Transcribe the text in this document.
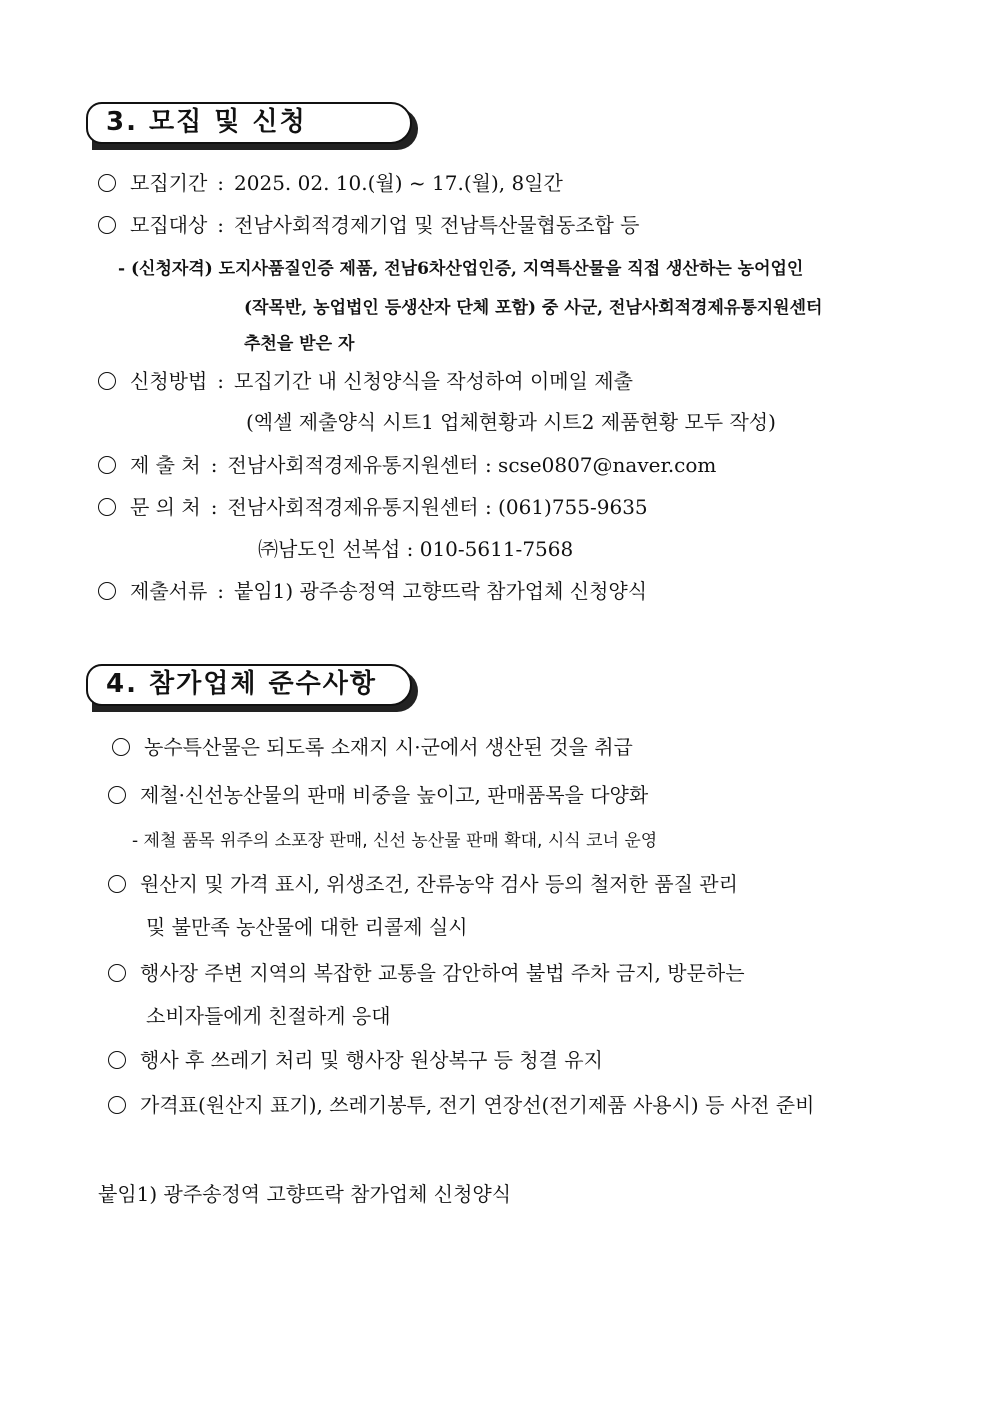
3. 모집 및 신청
모집기간 : 2025. 02. 10.(월) ~ 17.(월), 8일간
모집대상 : 전남사회적경제기업 및 전남특산물협동조합 등
- (신청자격) 도지사품질인증 제품, 전남6차산업인증, 지역특산물을 직접 생산하는 농어업인
(작목반, 농업법인 등생산자 단체 포함) 중 사군, 전남사회적경제유통지원센터
추천을 받은 자
신청방법 : 모집기간 내 신청양식을 작성하여 이메일 제출
(엑셀 제출양식 시트1 업체현황과 시트2 제품현황 모두 작성)
제 출 처 : 전남사회적경제유통지원센터 : scse0807@naver.com
문 의 처 : 전남사회적경제유통지원센터 : (061)755-9635
㈜남도인 선복섭 : 010-5611-7568
제출서류 : 붙임1) 광주송정역 고향뜨락 참가업체 신청양식
4. 참가업체 준수사항
농수특산물은 되도록 소재지 시·군에서 생산된 것을 취급
제철·신선농산물의 판매 비중을 높이고, 판매품목을 다양화
- 제철 품목 위주의 소포장 판매, 신선 농산물 판매 확대, 시식 코너 운영
원산지 및 가격 표시, 위생조건, 잔류농약 검사 등의 철저한 품질 관리
및 불만족 농산물에 대한 리콜제 실시
행사장 주변 지역의 복잡한 교통을 감안하여 불법 주차 금지, 방문하는
소비자들에게 친절하게 응대
행사 후 쓰레기 처리 및 행사장 원상복구 등 청결 유지
가격표(원산지 표기), 쓰레기봉투, 전기 연장선(전기제품 사용시) 등 사전 준비
붙임1) 광주송정역 고향뜨락 참가업체 신청양식
